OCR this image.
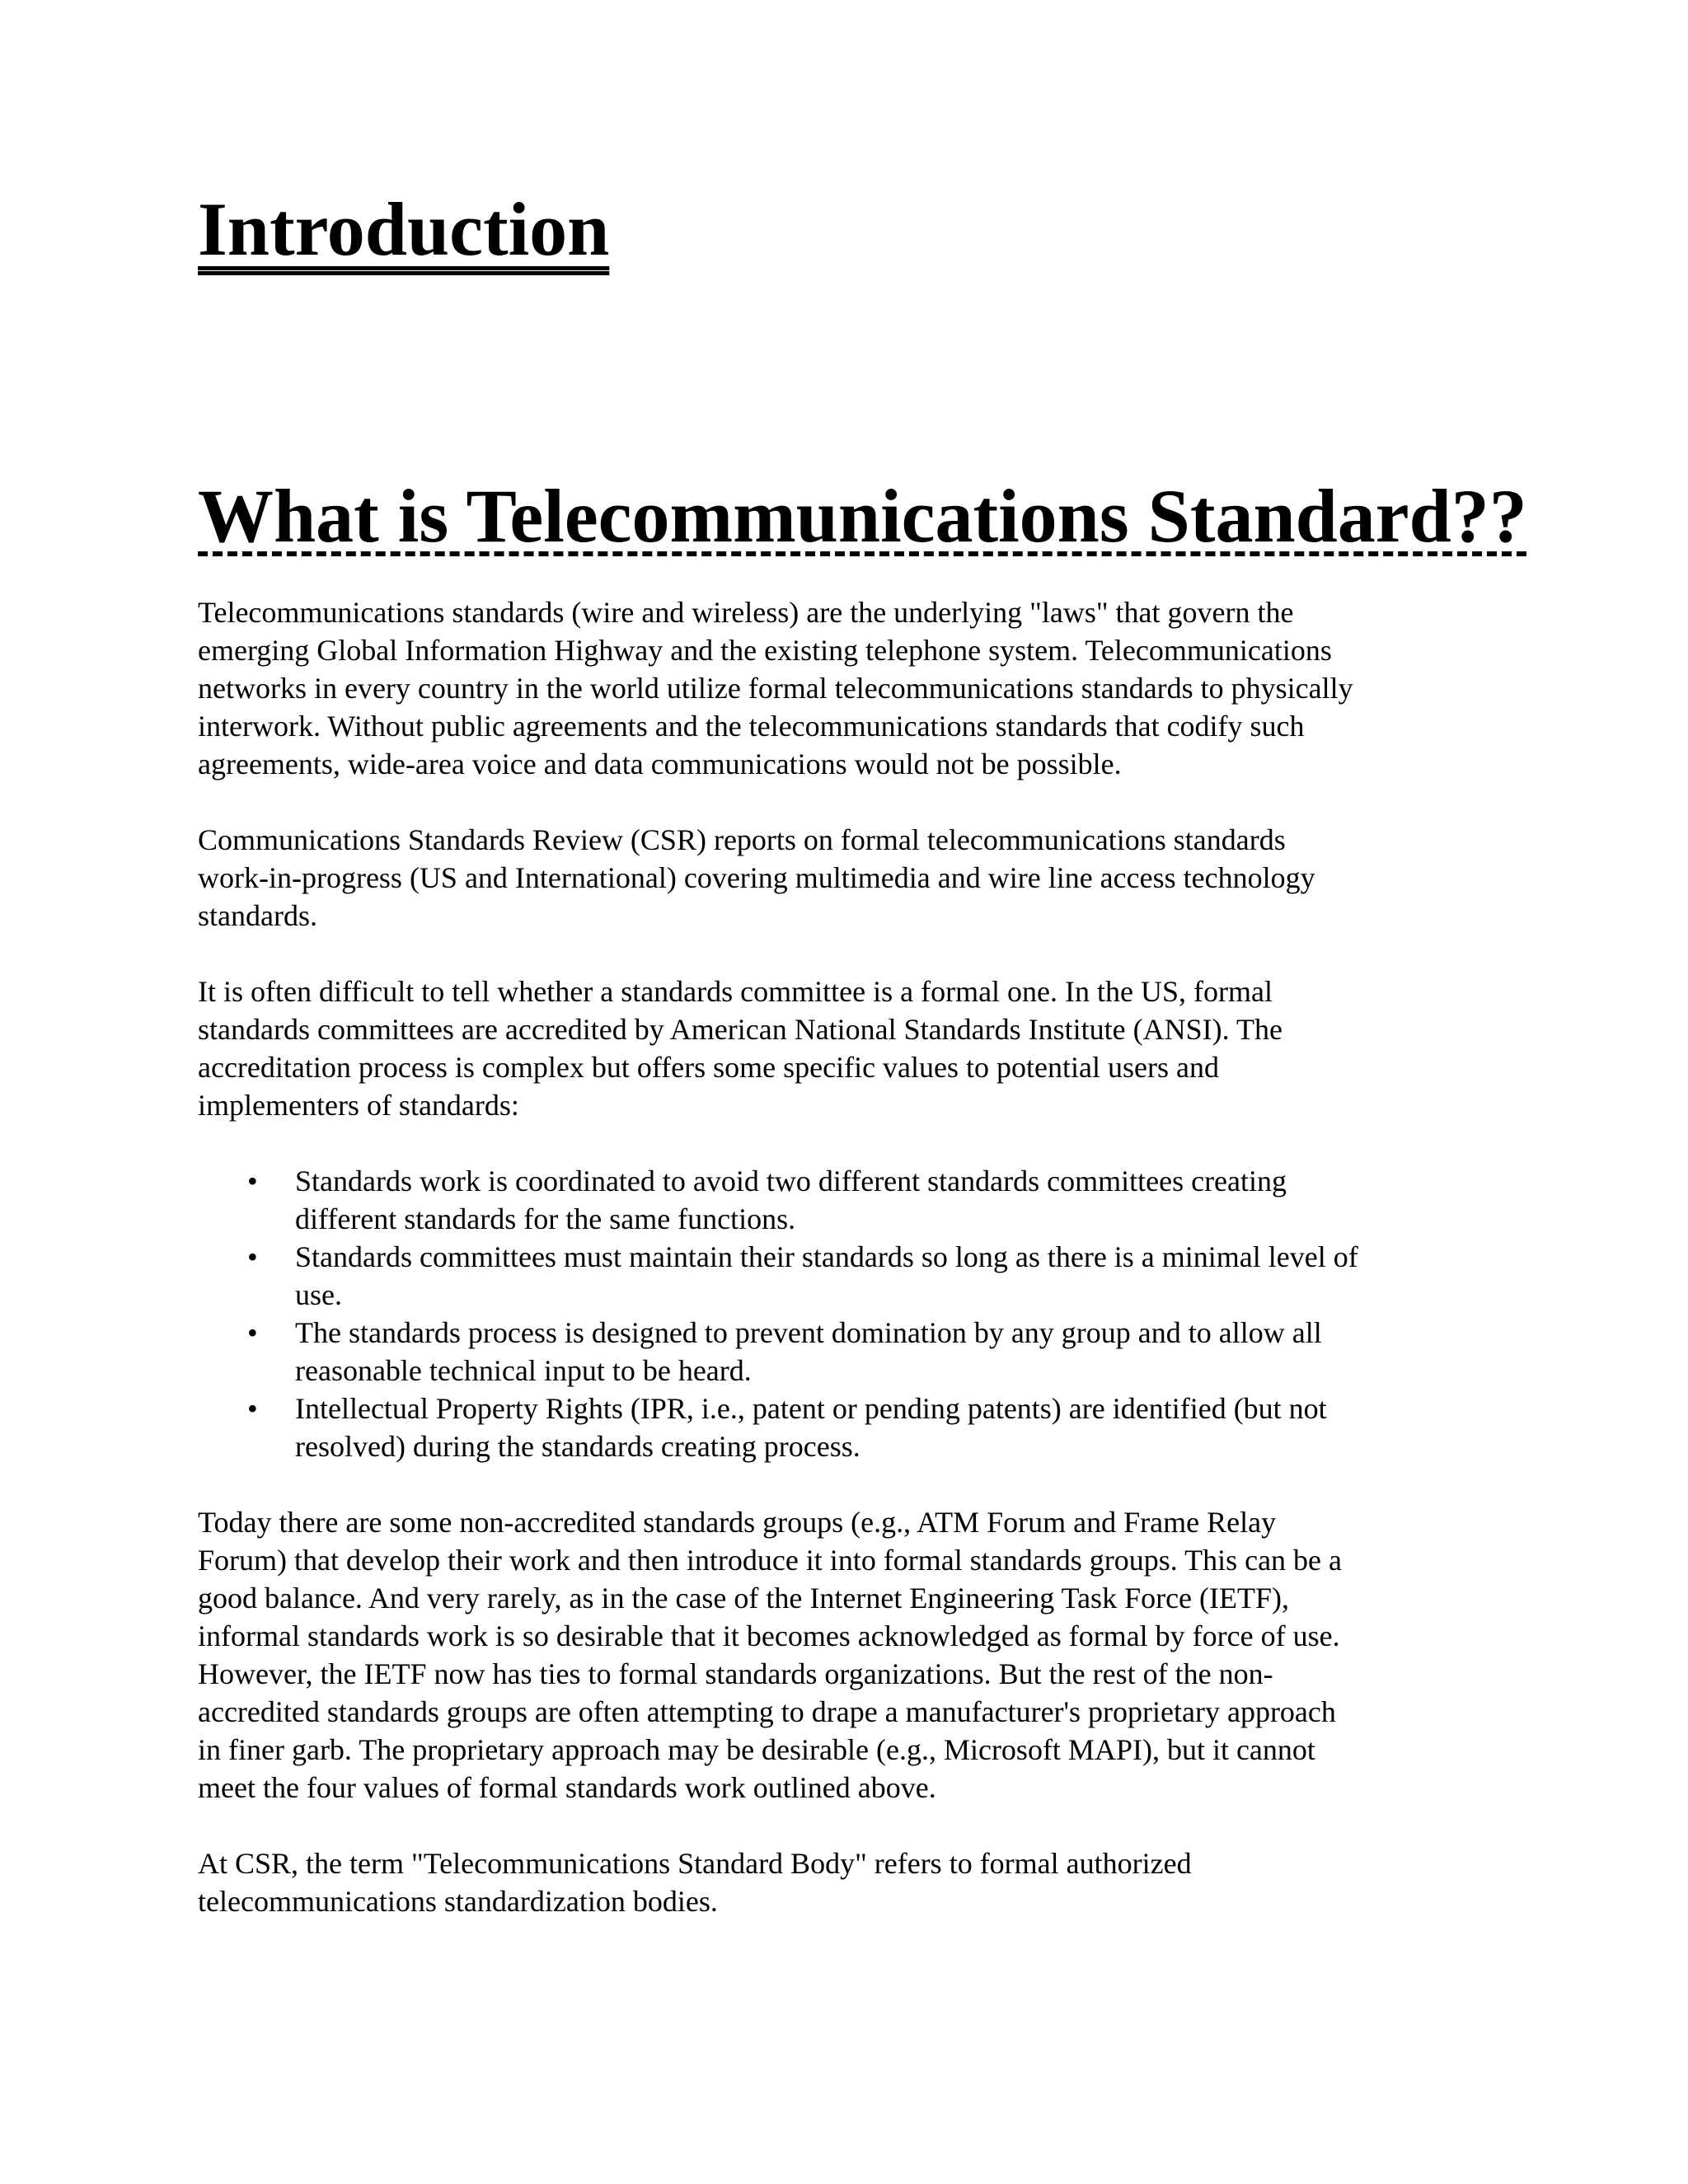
Introduction
What is Telecommunications Standard??

Telecommunications standards (wire and wireless) are the underlying "laws" that govern the
emerging Global Information Highway and the existing telephone system. Telecommunications
networks in every country in the world utilize formal telecommunications standards to physically
interwork. Without public agreements and the telecommunications standards that codify such
agreements, wide-area voice and data communications would not be possible.

Communications Standards Review (CSR) reports on formal telecommunications standards
work-in-progress (US and International) covering multimedia and wire line access technology
standards.

It is often difficult to tell whether a standards committee is a formal one. In the US, formal
standards committees are accredited by American National Standards Institute (ANSI). The
accreditation process is complex but offers some specific values to potential users and
implementers of standards:

•	Standards work is coordinated to avoid two different standards committees creating
different standards for the same functions.
•	Standards committees must maintain their standards so long as there is a minimal level of
use.
•	The standards process is designed to prevent domination by any group and to allow all
reasonable technical input to be heard.
•	Intellectual Property Rights (IPR, i.e., patent or pending patents) are identified (but not
resolved) during the standards creating process.

Today there are some non-accredited standards groups (e.g., ATM Forum and Frame Relay
Forum) that develop their work and then introduce it into formal standards groups. This can be a
good balance. And very rarely, as in the case of the Internet Engineering Task Force (IETF),
informal standards work is so desirable that it becomes acknowledged as formal by force of use.
However, the IETF now has ties to formal standards organizations. But the rest of the non-
accredited standards groups are often attempting to drape a manufacturer's proprietary approach
in finer garb. The proprietary approach may be desirable (e.g., Microsoft MAPI), but it cannot
meet the four values of formal standards work outlined above.

At CSR, the term "Telecommunications Standard Body" refers to formal authorized
telecommunications standardization bodies.
